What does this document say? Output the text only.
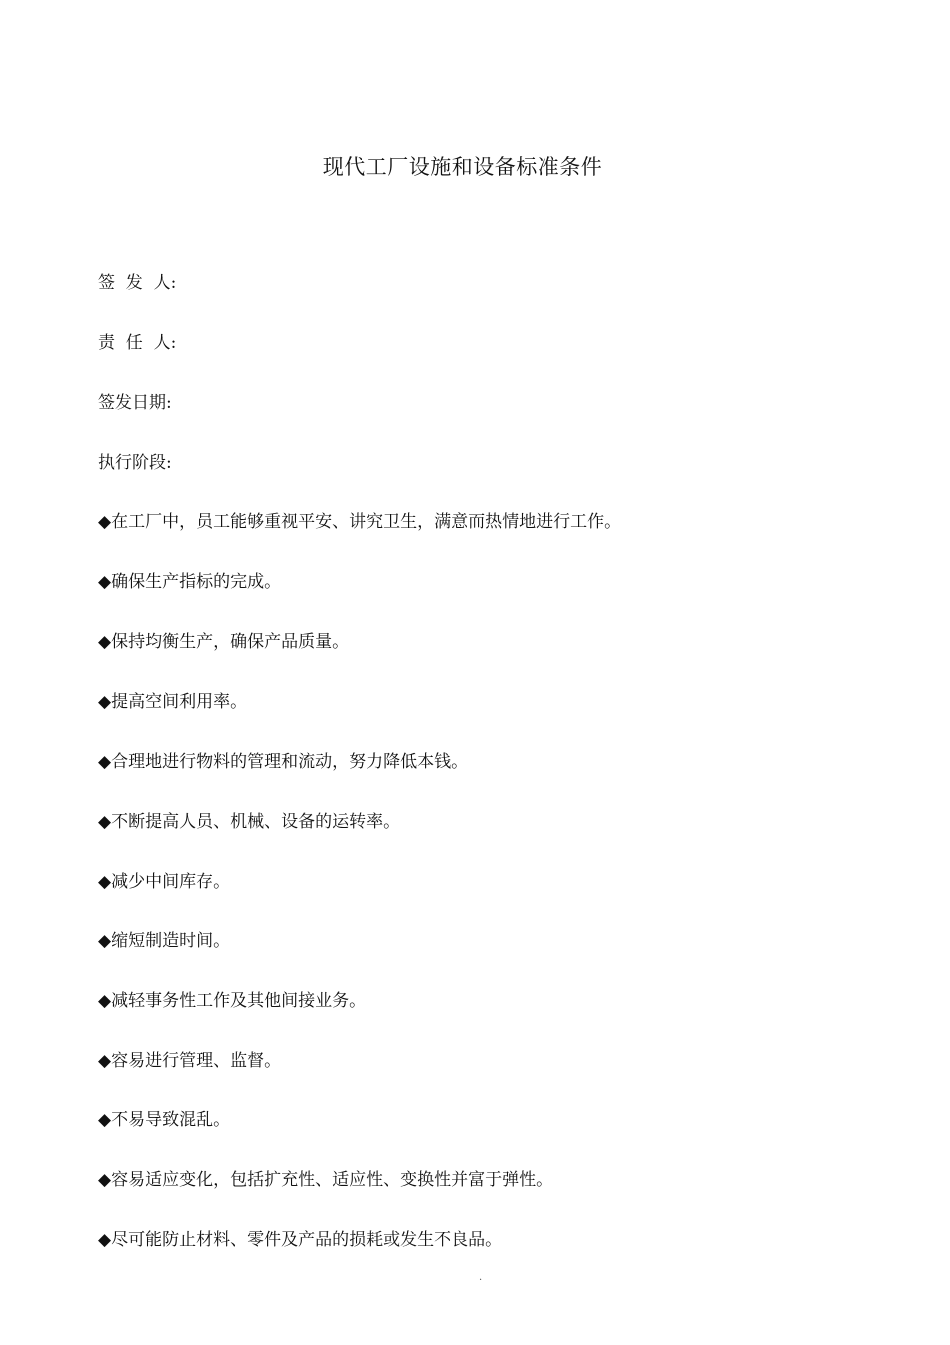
现代工厂设施和设备标准条件
签  发  人:
责  任  人:
签发日期:
执行阶段:
◆在工厂中，员工能够重视平安、讲究卫生，满意而热情地进行工作。
◆确保生产指标的完成。
◆保持均衡生产，确保产品质量。
◆提高空间利用率。
◆合理地进行物料的管理和流动，努力降低本钱。
◆不断提高人员、机械、设备的运转率。
◆减少中间库存。
◆缩短制造时间。
◆减轻事务性工作及其他间接业务。
◆容易进行管理、监督。
◆不易导致混乱。
◆容易适应变化，包括扩充性、适应性、变换性并富于弹性。
◆尽可能防止材料、零件及产品的损耗或发生不良品。
.
